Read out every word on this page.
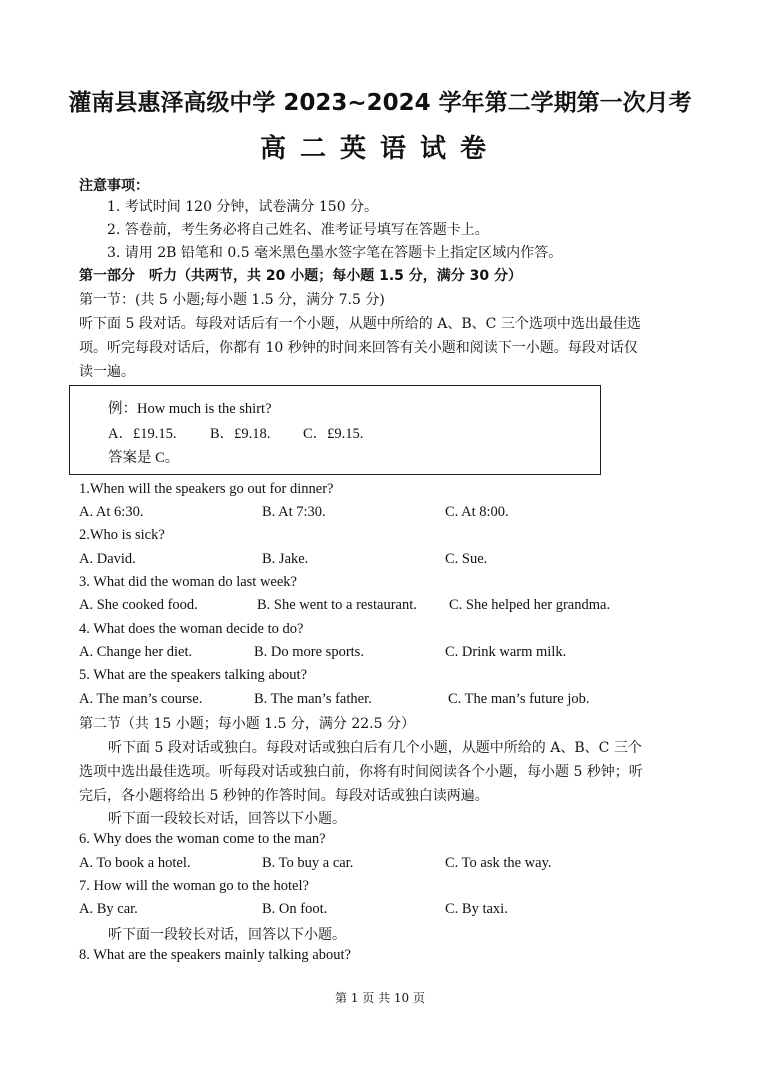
灌南县惠泽高级中学 2023~2024 学年第二学期第一次月考
高二英语试卷
注意事项：
1. 考试时间 120 分钟，试卷满分 150 分。
2. 答卷前，考生务必将自己姓名、准考证号填写在答题卡上。
3. 请用 2B 铅笔和 0.5 毫米黑色墨水签字笔在答题卡上指定区域内作答。
第一部分　听力（共两节，共 20 小题；每小题 1.5 分，满分 30 分）
第一节：(共 5 小题;每小题 1.5 分，满分 7.5 分)
听下面 5 段对话。每段对话后有一个小题，从题中所给的 A、B、C 三个选项中选出最佳选
项。听完每段对话后，你都有 10 秒钟的时间来回答有关小题和阅读下一小题。每段对话仅
读一遍。
例：How much is the shirt?
A．£19.15. B．£9.18. C．£9.15.
答案是 C。
1.When will the speakers go out for dinner?
A. At 6:30.	B. At 7:30.	C. At 8:00.
2.Who is sick?
A. David.	B. Jake.	C. Sue.
3. What did the woman do last week?
A. She cooked food.	B. She went to a restaurant. C. She helped her grandma.
4. What does the woman decide to do?
A. Change her diet.	B. Do more sports.	C. Drink warm milk.
5. What are the speakers talking about?
A. The man’s course.	B. The man’s father.	C. The man’s future job.
第二节（共 15 小题；每小题 1.5 分，满分 22.5 分）
听下面 5 段对话或独白。每段对话或独白后有几个小题，从题中所给的 A、B、C 三个
选项中选出最佳选项。听每段对话或独白前，你将有时间阅读各个小题，每小题 5 秒钟；听
完后，各小题将给出 5 秒钟的作答时间。每段对话或独白读两遍。
听下面一段较长对话，回答以下小题。
6. Why does the woman come to the man?
A. To book a hotel.	B. To buy a car.	C. To ask the way.
7. How will the woman go to the hotel?
A. By car.	B. On foot.	C. By taxi.
听下面一段较长对话，回答以下小题。
8. What are the speakers mainly talking about?
第 1 页 共 10 页
